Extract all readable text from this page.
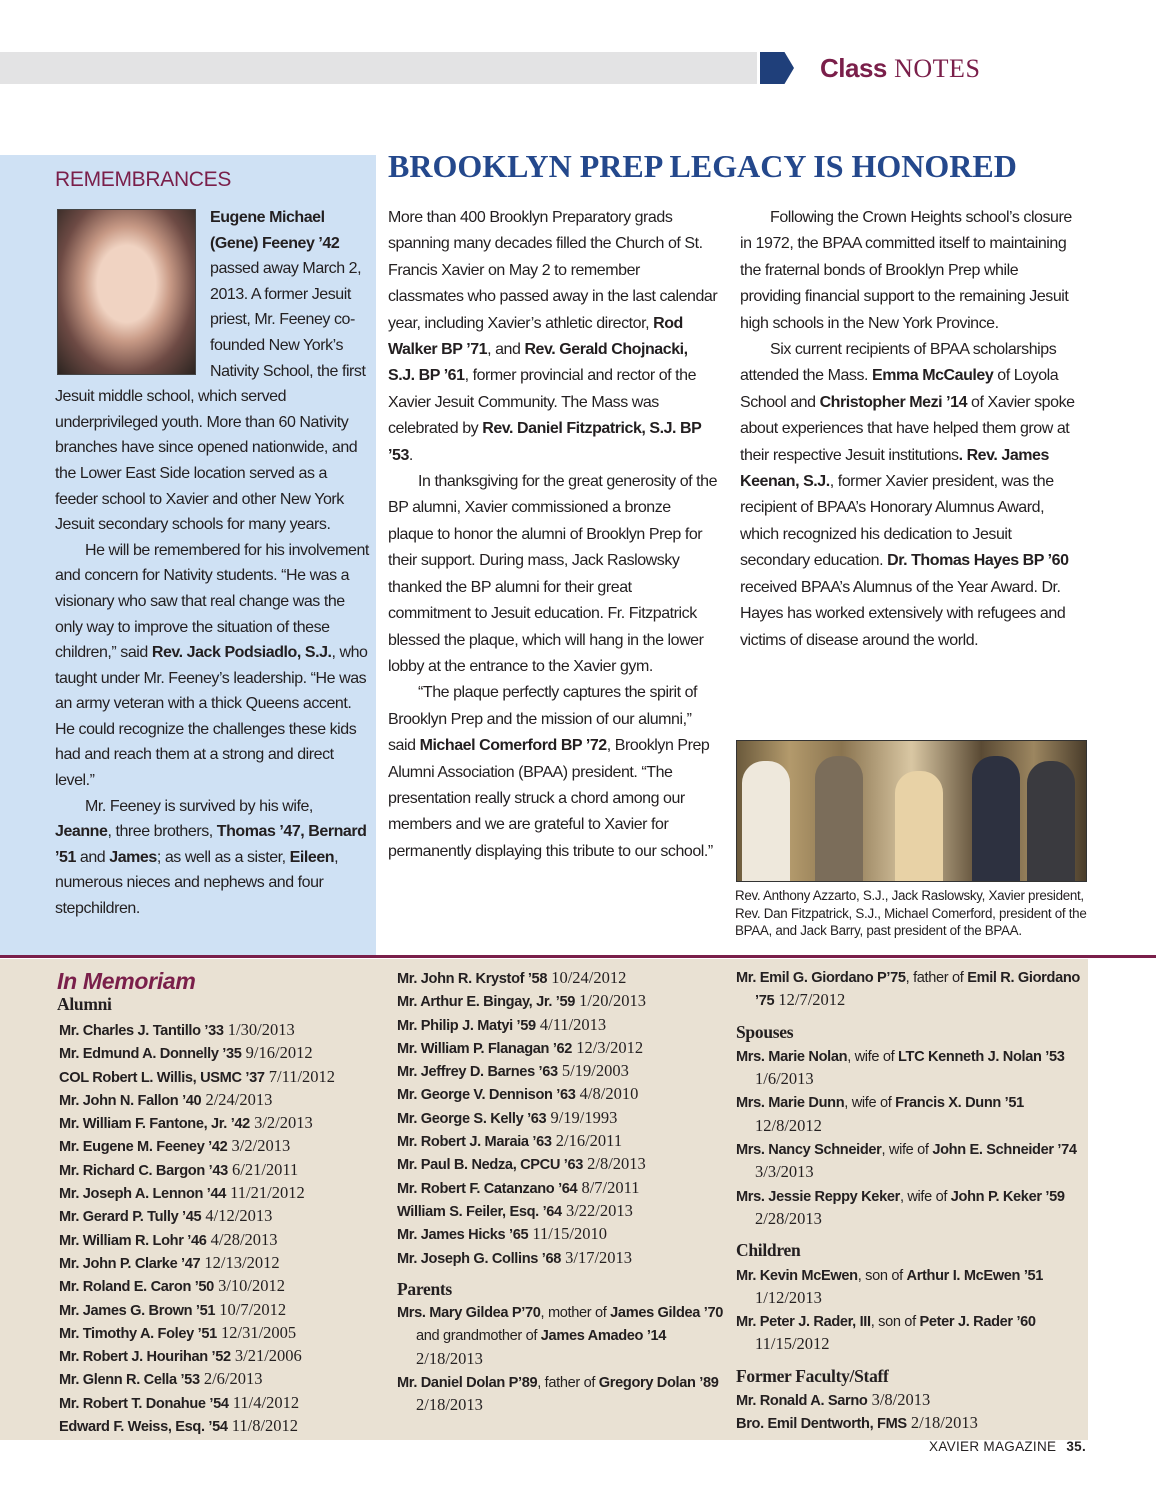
Class NOTES
REMEMBRANCES

Eugene Michael (Gene) Feeney ’42 passed away March 2, 2013. A former Jesuit priest, Mr. Feeney co-founded New York’s Nativity School, the first Jesuit middle school, which served underprivileged youth. More than 60 Nativity branches have since opened nationwide, and the Lower East Side location served as a feeder school to Xavier and other New York Jesuit secondary schools for many years.

He will be remembered for his involvement and concern for Nativity students. “He was a visionary who saw that real change was the only way to improve the situation of these children,” said Rev. Jack Podsiadlo, S.J., who taught under Mr. Feeney’s leadership. “He was an army veteran with a thick Queens accent. He could recognize the challenges these kids had and reach them at a strong and direct level.”

Mr. Feeney is survived by his wife, Jeanne, three brothers, Thomas ’47, Bernard ’51 and James; as well as a sister, Eileen, numerous nieces and nephews and four stepchildren.

BROOKLYN PREP LEGACY IS HONORED

More than 400 Brooklyn Preparatory grads spanning many decades filled the Church of St. Francis Xavier on May 2 to remember classmates who passed away in the last calendar year, including Xavier’s athletic director, Rod Walker BP ’71, and Rev. Gerald Chojnacki, S.J. BP ’61, former provincial and rector of the Xavier Jesuit Community. The Mass was celebrated by Rev. Daniel Fitzpatrick, S.J. BP ’53.

In thanksgiving for the great generosity of the BP alumni, Xavier commissioned a bronze plaque to honor the alumni of Brooklyn Prep for their support. During mass, Jack Raslowsky thanked the BP alumni for their great commitment to Jesuit education. Fr. Fitzpatrick blessed the plaque, which will hang in the lower lobby at the entrance to the Xavier gym.

“The plaque perfectly captures the spirit of Brooklyn Prep and the mission of our alumni,” said Michael Comerford BP ’72, Brooklyn Prep Alumni Association (BPAA) president. “The presentation really struck a chord among our members and we are grateful to Xavier for permanently displaying this tribute to our school.”

Following the Crown Heights school’s closure in 1972, the BPAA committed itself to maintaining the fraternal bonds of Brooklyn Prep while providing financial support to the remaining Jesuit high schools in the New York Province.

Six current recipients of BPAA scholarships attended the Mass. Emma McCauley of Loyola School and Christopher Mezi ’14 of Xavier spoke about experiences that have helped them grow at their respective Jesuit institutions. Rev. James Keenan, S.J., former Xavier president, was the recipient of BPAA’s Honorary Alumnus Award, which recognized his dedication to Jesuit secondary education. Dr. Thomas Hayes BP ’60 received BPAA’s Alumnus of the Year Award. Dr. Hayes has worked extensively with refugees and victims of disease around the world.

Rev. Anthony Azzarto, S.J., Jack Raslowsky, Xavier president, Rev. Dan Fitzpatrick, S.J., Michael Comerford, president of the BPAA, and Jack Barry, past president of the BPAA.
In Memoriam
Alumni
Mr. Charles J. Tantillo ’33 1/30/2013
Mr. Edmund A. Donnelly ’35 9/16/2012
COL Robert L. Willis, USMC ’37 7/11/2012
Mr. John N. Fallon ’40 2/24/2013
Mr. William F. Fantone, Jr. ’42 3/2/2013
Mr. Eugene M. Feeney ’42 3/2/2013
Mr. Richard C. Bargon ’43 6/21/2011
Mr. Joseph A. Lennon ’44 11/21/2012
Mr. Gerard P. Tully ’45 4/12/2013
Mr. William R. Lohr ’46 4/28/2013
Mr. John P. Clarke ’47 12/13/2012
Mr. Roland E. Caron ’50 3/10/2012
Mr. James G. Brown ’51 10/7/2012
Mr. Timothy A. Foley ’51 12/31/2005
Mr. Robert J. Hourihan ’52 3/21/2006
Mr. Glenn R. Cella ’53 2/6/2013
Mr. Robert T. Donahue ’54 11/4/2012
Edward F. Weiss, Esq. ’54 11/8/2012
Mr. John R. Krystof ’58 10/24/2012
Mr. Arthur E. Bingay, Jr. ’59 1/20/2013
Mr. Philip J. Matyi ’59 4/11/2013
Mr. William P. Flanagan ’62 12/3/2012
Mr. Jeffrey D. Barnes ’63 5/19/2003
Mr. George V. Dennison ’63 4/8/2010
Mr. George S. Kelly ’63 9/19/1993
Mr. Robert J. Maraia ’63 2/16/2011
Mr. Paul B. Nedza, CPCU ’63 2/8/2013
Mr. Robert F. Catanzano ’64 8/7/2011
William S. Feiler, Esq. ’64 3/22/2013
Mr. James Hicks ’65 11/15/2010
Mr. Joseph G. Collins ’68 3/17/2013
Parents
Mrs. Mary Gildea P’70, mother of James Gildea ’70 and grandmother of James Amadeo ’14 2/18/2013
Mr. Daniel Dolan P’89, father of Gregory Dolan ’89 2/18/2013
Mr. Emil G. Giordano P’75, father of Emil R. Giordano ’75 12/7/2012
Spouses
Mrs. Marie Nolan, wife of LTC Kenneth J. Nolan ’53 1/6/2013
Mrs. Marie Dunn, wife of Francis X. Dunn ’51 12/8/2012
Mrs. Nancy Schneider, wife of John E. Schneider ’74 3/3/2013
Mrs. Jessie Reppy Keker, wife of John P. Keker ’59 2/28/2013
Children
Mr. Kevin McEwen, son of Arthur I. McEwen ’51 1/12/2013
Mr. Peter J. Rader, III, son of Peter J. Rader ’60 11/15/2012
Former Faculty/Staff
Mr. Ronald A. Sarno 3/8/2013
Bro. Emil Dentworth, FMS 2/18/2013
XAVIER MAGAZINE 35.
